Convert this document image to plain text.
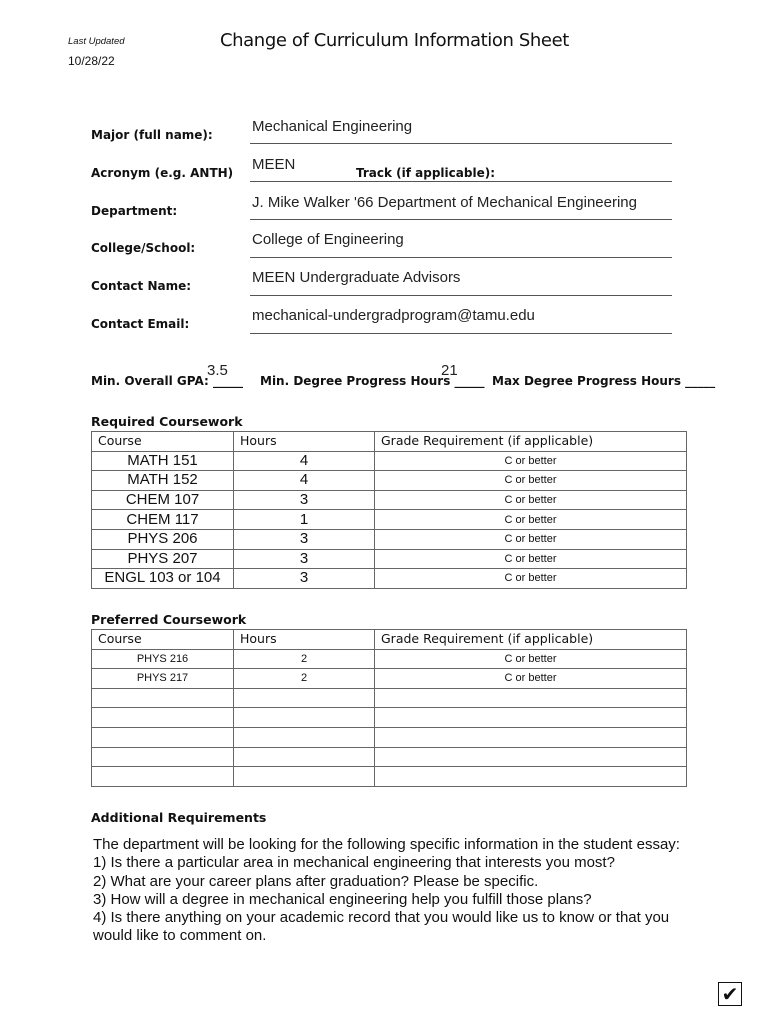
Last Updated
10/28/22
Change of Curriculum Information Sheet
Major (full name):	Mechanical Engineering
Acronym (e.g. ANTH) MEEN	Track (if applicable):
Department:	J. Mike Walker '66 Department of Mechanical Engineering
College/School:	College of Engineering
Contact Name:	MEEN Undergraduate Advisors
Contact Email:	mechanical-undergradprogram@tamu.edu
3.5
Min. Overall GPA: _____
21
Min. Degree Progress Hours _____ Max Degree Progress Hours _____
Required Coursework
Course	Hours	Grade Requirement (if applicable)
MATH 151	4	C or better
MATH 152	4	C or better
CHEM 107	3	C or better
CHEM 117	1	C or better
PHYS 206	3	C or better
PHYS 207	3	C or better
ENGL 103 or 104	3	C or better
Preferred Coursework
Course	Hours	Grade Requirement (if applicable)
PHYS 216	2	C or better
PHYS 217	2	C or better

Additional Requirements
The department will be looking for the following specific information in the student essay:
1) Is there a particular area in mechanical engineering that interests you most?
2) What are your career plans after graduation? Please be specific.
3) How will a degree in mechanical engineering help you fulfill those plans?
4) Is there anything on your academic record that you would like us to know or that you
would like to comment on.
✔
